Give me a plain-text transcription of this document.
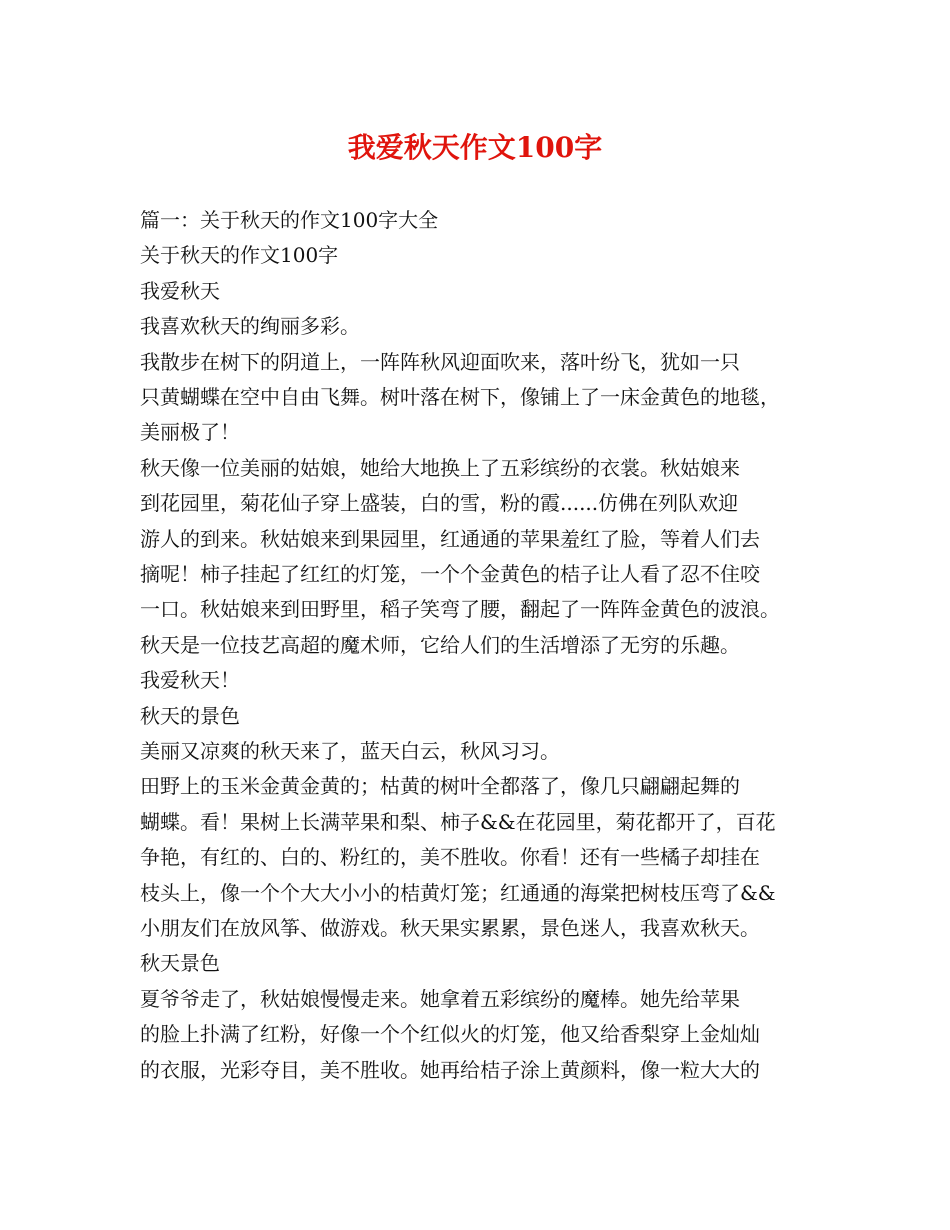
我爱秋天作文100字
篇一：关于秋天的作文100字大全
关于秋天的作文100字
我爱秋天
我喜欢秋天的绚丽多彩。
我散步在树下的阴道上，一阵阵秋风迎面吹来，落叶纷飞，犹如一只
只黄蝴蝶在空中自由飞舞。树叶落在树下，像铺上了一床金黄色的地毯，
美丽极了！
秋天像一位美丽的姑娘，她给大地换上了五彩缤纷的衣裳。秋姑娘来
到花园里，菊花仙子穿上盛装，白的雪，粉的霞......仿佛在列队欢迎
游人的到来。秋姑娘来到果园里，红通通的苹果羞红了脸，等着人们去
摘呢！柿子挂起了红红的灯笼，一个个金黄色的桔子让人看了忍不住咬
一口。秋姑娘来到田野里，稻子笑弯了腰，翻起了一阵阵金黄色的波浪。
秋天是一位技艺高超的魔术师，它给人们的生活增添了无穷的乐趣。
我爱秋天！
秋天的景色
美丽又凉爽的秋天来了，蓝天白云，秋风习习。
田野上的玉米金黄金黄的；枯黄的树叶全都落了，像几只翩翩起舞的
蝴蝶。看！果树上长满苹果和梨、柿子&&在花园里，菊花都开了，百花
争艳，有红的、白的、粉红的，美不胜收。你看！还有一些橘子却挂在
枝头上，像一个个大大小小的桔黄灯笼；红通通的海棠把树枝压弯了&&
小朋友们在放风筝、做游戏。秋天果实累累，景色迷人，我喜欢秋天。
秋天景色
夏爷爷走了，秋姑娘慢慢走来。她拿着五彩缤纷的魔棒。她先给苹果
的脸上扑满了红粉，好像一个个红似火的灯笼，他又给香梨穿上金灿灿
的衣服，光彩夺目，美不胜收。她再给桔子涂上黄颜料，像一粒大大的
